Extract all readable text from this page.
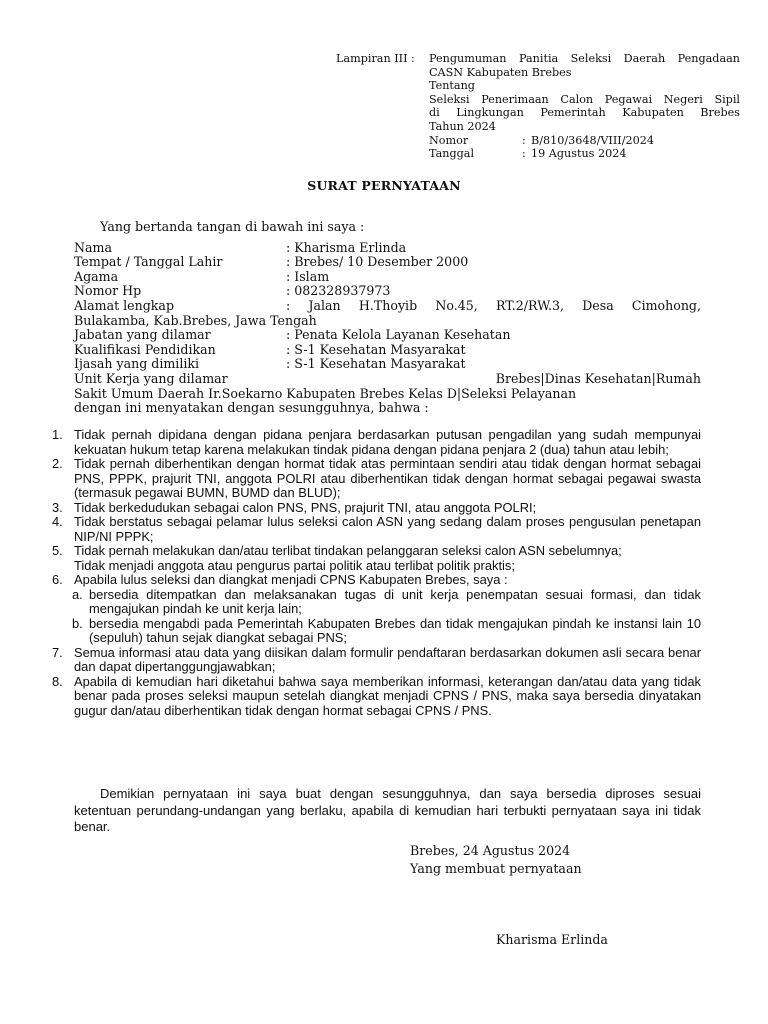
Lampiran III :	Pengumuman Panitia Seleksi Daerah Pengadaan
CASN Kabupaten Brebes
Tentang
Seleksi Penerimaan Calon Pegawai Negeri Sipil
di Lingkungan Pemerintah Kabupaten Brebes
Tahun 2024
Nomor	: B/810/3648/VIII/2024
Tanggal	: 19 Agustus 2024
SURAT PERNYATAAN
Yang bertanda tangan di bawah ini saya :
Nama	: Kharisma Erlinda
Tempat / Tanggal Lahir	: Brebes/ 10 Desember 2000
Agama	: Islam
Nomor Hp	: 082328937973
Alamat lengkap	: Jalan H.Thoyib No.45, RT.2/RW.3, Desa Cimohong,
Bulakamba, Kab.Brebes, Jawa Tengah
Jabatan yang dilamar	: Penata Kelola Layanan Kesehatan
Kualifikasi Pendidikan	: S-1 Kesehatan Masyarakat
Ijasah yang dimiliki	: S-1 Kesehatan Masyarakat
Unit Kerja yang dilamar	Brebes|Dinas Kesehatan|Rumah
Sakit Umum Daerah Ir.Soekarno Kabupaten Brebes Kelas D|Seleksi Pelayanan
dengan ini menyatakan dengan sesungguhnya, bahwa :
1. Tidak pernah dipidana dengan pidana penjara berdasarkan putusan pengadilan yang sudah mempunyai kekuatan hukum tetap karena melakukan tindak pidana dengan pidana penjara 2 (dua) tahun atau lebih;
2. Tidak pernah diberhentikan dengan hormat tidak atas permintaan sendiri atau tidak dengan hormat sebagai PNS, PPPK, prajurit TNI, anggota POLRI atau diberhentikan tidak dengan hormat sebagai pegawai swasta (termasuk pegawai BUMN, BUMD dan BLUD);
3. Tidak berkedudukan sebagai calon PNS, PNS, prajurit TNI, atau anggota POLRI;
4. Tidak berstatus sebagai pelamar lulus seleksi calon ASN yang sedang dalam proses pengusulan penetapan NIP/NI PPPK;
5. Tidak pernah melakukan dan/atau terlibat tindakan pelanggaran seleksi calon ASN sebelumnya;
Tidak menjadi anggota atau pengurus partai politik atau terlibat politik praktis;
6. Apabila lulus seleksi dan diangkat menjadi CPNS Kabupaten Brebes, saya :
a. bersedia ditempatkan dan melaksanakan tugas di unit kerja penempatan sesuai formasi, dan tidak mengajukan pindah ke unit kerja lain;
b. bersedia mengabdi pada Pemerintah Kabupaten Brebes dan tidak mengajukan pindah ke instansi lain 10 (sepuluh) tahun sejak diangkat sebagai PNS;
7. Semua informasi atau data yang diisikan dalam formulir pendaftaran berdasarkan dokumen asli secara benar dan dapat dipertanggungjawabkan;
8. Apabila di kemudian hari diketahui bahwa saya memberikan informasi, keterangan dan/atau data yang tidak benar pada proses seleksi maupun setelah diangkat menjadi CPNS / PNS, maka saya bersedia dinyatakan gugur dan/atau diberhentikan tidak dengan hormat sebagai CPNS / PNS.
Demikian pernyataan ini saya buat dengan sesungguhnya, dan saya bersedia diproses sesuai ketentuan perundang-undangan yang berlaku, apabila di kemudian hari terbukti pernyataan saya ini tidak benar.
Brebes, 24 Agustus 2024
Yang membuat pernyataan
Kharisma Erlinda
